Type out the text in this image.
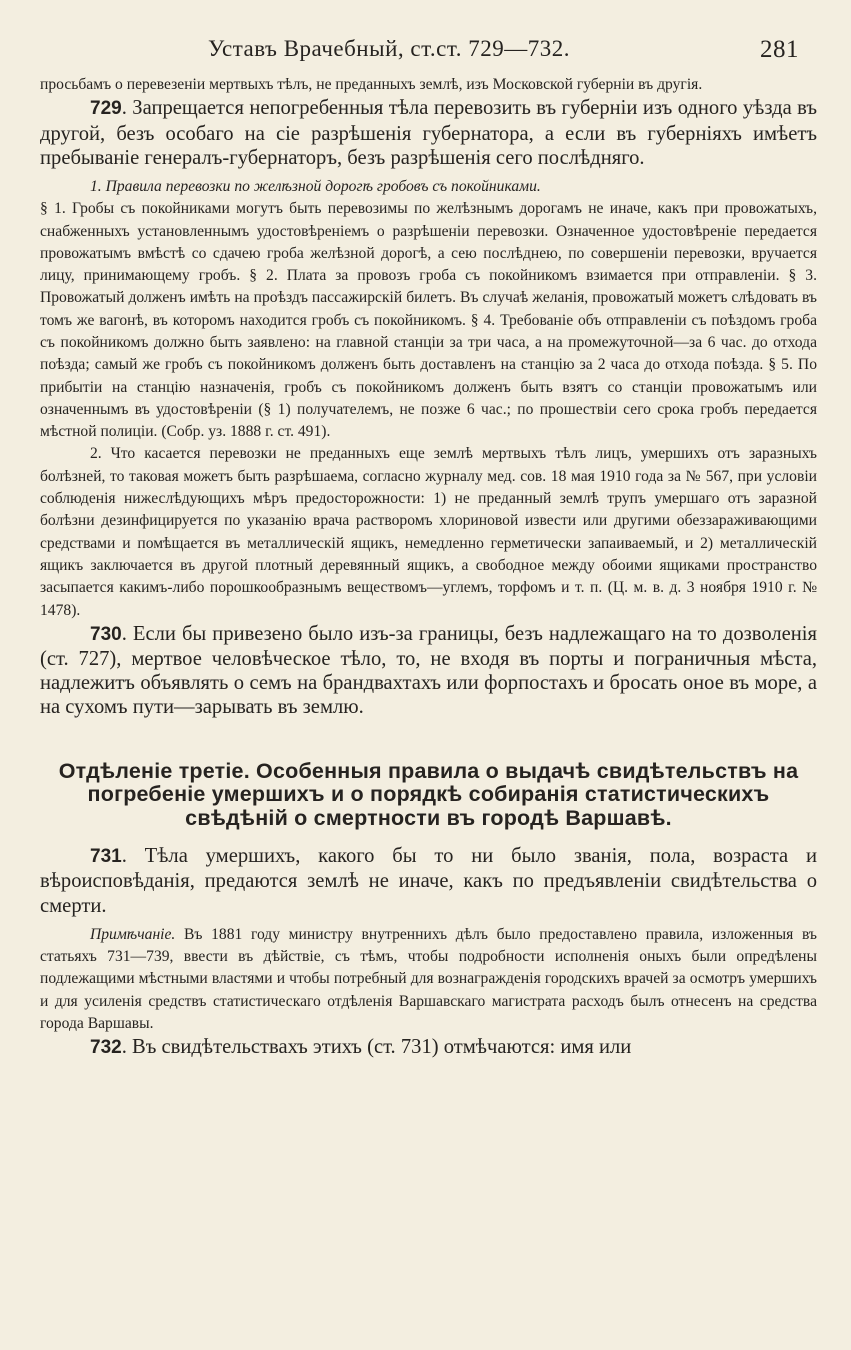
Уставъ Врачебный, ст.ст. 729—732.	281

просьбамъ о перевезеніи мертвыхъ тѣлъ, не преданныхъ землѣ, изъ Московской губерніи въ другія.

729. Запрещается непогребенныя тѣла перевозить въ губерніи изъ одного уѣзда въ другой, безъ особаго на сіе разрѣшенія губернатора, а если въ губерніяхъ имѣетъ пребываніе генералъ-губернаторъ, безъ разрѣшенія сего послѣдняго.

1. Правила перевозки по желѣзной дорогѣ гробовъ съ покойниками.

§ 1. Гробы съ покойниками могутъ быть перевозимы по желѣзнымъ дорогамъ не иначе, какъ при провожатыхъ, снабженныхъ установленнымъ удостовѣреніемъ о разрѣшеніи перевозки. Означенное удостовѣреніе передается провожатымъ вмѣстѣ со сдачею гроба желѣзной дорогѣ, а сею послѣднею, по совершеніи перевозки, вручается лицу, принимающему гробъ. § 2. Плата за провозъ гроба съ покойникомъ взимается при отправленіи. § 3. Провожатый долженъ имѣть на проѣздъ пассажирскій билетъ. Въ случаѣ желанія, провожатый можетъ слѣдовать въ томъ же вагонѣ, въ которомъ находится гробъ съ покойникомъ. § 4. Требованіе объ отправленіи съ поѣздомъ гроба съ покойникомъ должно быть заявлено: на главной станціи за три часа, а на промежуточной—за 6 час. до отхода поѣзда; самый же гробъ съ покойникомъ долженъ быть доставленъ на станцію за 2 часа до отхода поѣзда. § 5. По прибытіи на станцію назначенія, гробъ съ покойникомъ долженъ быть взятъ со станціи провожатымъ или означеннымъ въ удостовѣреніи (§ 1) получателемъ, не позже 6 час.; по прошествіи сего срока гробъ передается мѣстной полиціи. (Собр. уз. 1888 г. ст. 491).

2. Что касается перевозки не преданныхъ еще землѣ мертвыхъ тѣлъ лицъ, умершихъ отъ заразныхъ болѣзней, то таковая можетъ быть разрѣшаема, согласно журналу мед. сов. 18 мая 1910 года за № 567, при условіи соблюденія нижеслѣдующихъ мѣръ предосторожности: 1) не преданный землѣ трупъ умершаго отъ заразной болѣзни дезинфицируется по указанію врача растворомъ хлориновой извести или другими обеззараживающими средствами и помѣщается въ металлическій ящикъ, немедленно герметически запаиваемый, и 2) металлическій ящикъ заключается въ другой плотный деревянный ящикъ, а свободное между обоими ящиками пространство засыпается какимъ-либо порошкообразнымъ веществомъ—углемъ, торфомъ и т. п. (Ц. м. в. д. 3 ноября 1910 г. № 1478).

730. Если бы привезено было изъ-за границы, безъ надлежащаго на то дозволенія (ст. 727), мертвое человѣческое тѣло, то, не входя въ порты и пограничныя мѣста, надлежитъ объявлять о семъ на брандвахтахъ или форпостахъ и бросать оное въ море, а на сухомъ пути—зарывать въ землю.

Отдѣленіе третіе. Особенныя правила о выдачѣ свидѣтельствъ на погребеніе умершихъ и о порядкѣ собиранія статистическихъ свѣдѣній о смертности въ городѣ Варшавѣ.

731. Тѣла умершихъ, какого бы то ни было званія, пола, возраста и вѣроисповѣданія, предаются землѣ не иначе, какъ по предъявленіи свидѣтельства о смерти.

Примѣчаніе. Въ 1881 году министру внутреннихъ дѣлъ было предоставлено правила, изложенныя въ статьяхъ 731—739, ввести въ дѣйствіе, съ тѣмъ, чтобы подробности исполненія оныхъ были опредѣлены подлежащими мѣстными властями и чтобы потребный для вознагражденія городскихъ врачей за осмотръ умершихъ и для усиленія средствъ статистическаго отдѣленія Варшавскаго магистрата расходъ былъ отнесенъ на средства города Варшавы.

732. Въ свидѣтельствахъ этихъ (ст. 731) отмѣчаются: имя или
